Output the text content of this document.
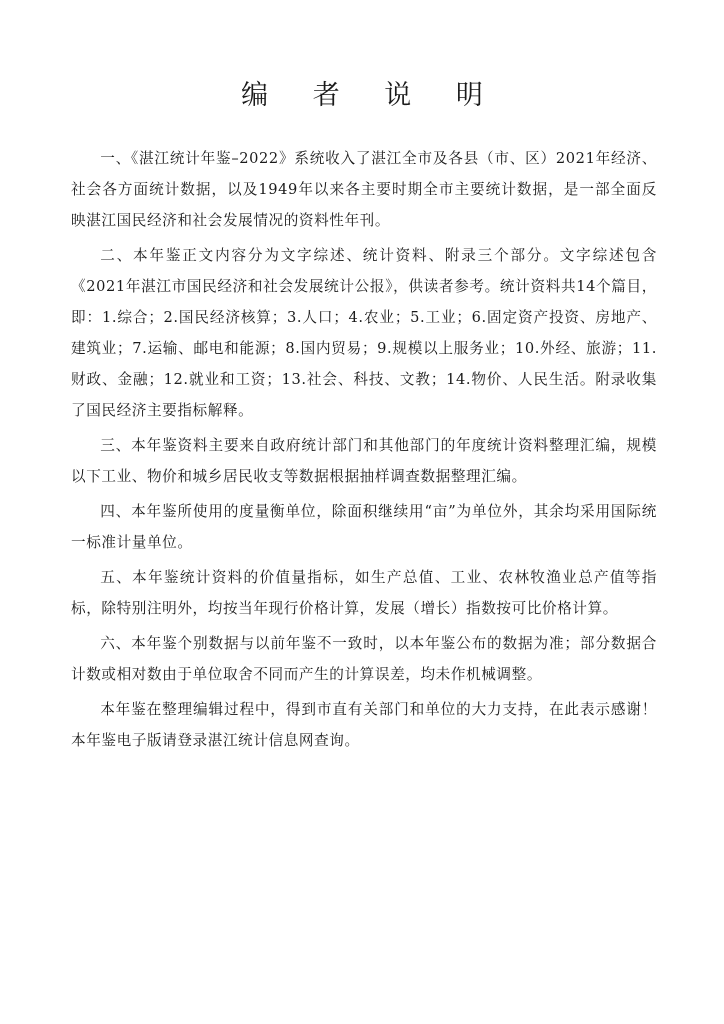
编 者 说 明

一、《湛江统计年鉴–2022》系统收入了湛江全市及各县（市、区）2021年经济、社会各方面统计数据，以及1949年以来各主要时期全市主要统计数据，是一部全面反映湛江国民经济和社会发展情况的资料性年刊。

二、本年鉴正文内容分为文字综述、统计资料、附录三个部分。文字综述包含《2021年湛江市国民经济和社会发展统计公报》，供读者参考。统计资料共14个篇目，即：1.综合；2.国民经济核算；3.人口；4.农业；5.工业；6.固定资产投资、房地产、建筑业；7.运输、邮电和能源；8.国内贸易；9.规模以上服务业；10.外经、旅游；11.财政、金融；12.就业和工资；13.社会、科技、文教；14.物价、人民生活。附录收集了国民经济主要指标解释。

三、本年鉴资料主要来自政府统计部门和其他部门的年度统计资料整理汇编，规模以下工业、物价和城乡居民收支等数据根据抽样调查数据整理汇编。

四、本年鉴所使用的度量衡单位，除面积继续用“亩”为单位外，其余均采用国际统一标准计量单位。

五、本年鉴统计资料的价值量指标，如生产总值、工业、农林牧渔业总产值等指标，除特别注明外，均按当年现行价格计算，发展（增长）指数按可比价格计算。

六、本年鉴个别数据与以前年鉴不一致时，以本年鉴公布的数据为准；部分数据合计数或相对数由于单位取舍不同而产生的计算误差，均未作机械调整。

本年鉴在整理编辑过程中，得到市直有关部门和单位的大力支持，在此表示感谢！本年鉴电子版请登录湛江统计信息网查询。
